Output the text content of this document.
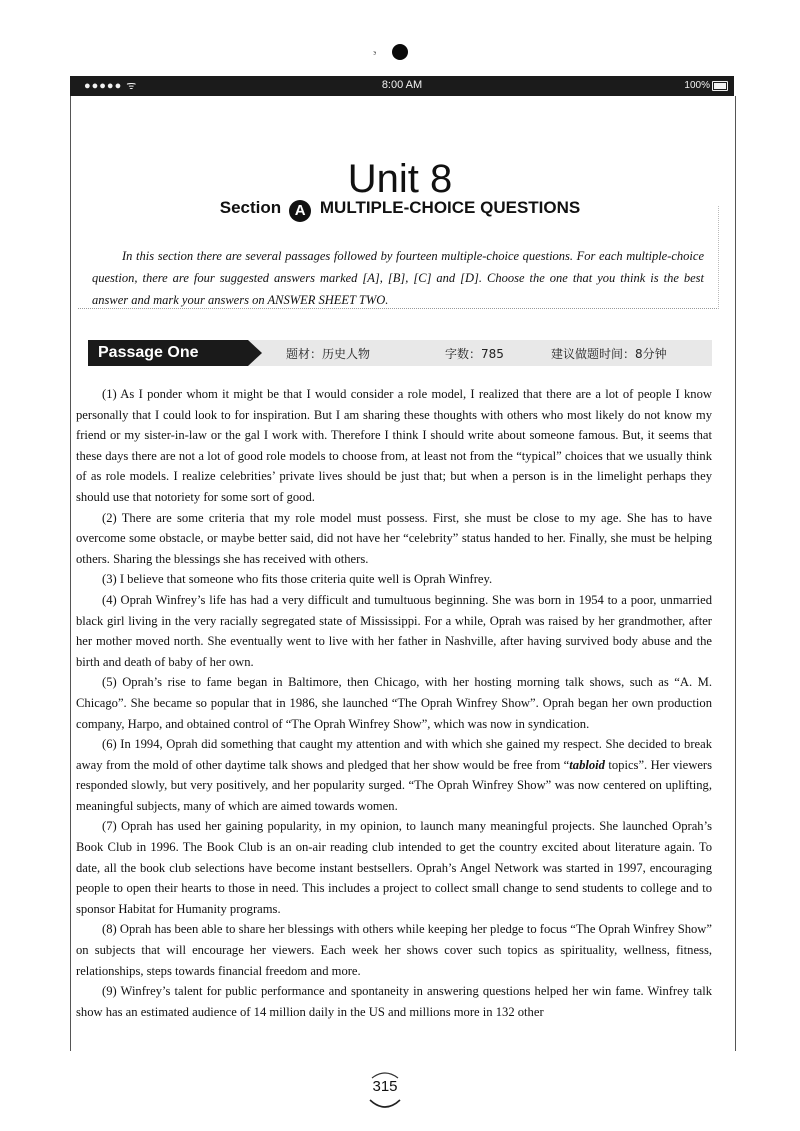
ᵌ
●●●●● ᯤ	8:00 AM	100%
Unit 8
Section A MULTIPLE-CHOICE QUESTIONS

In this section there are several passages followed by fourteen multiple-choice questions. For each multiple-choice question, there are four suggested answers marked [A], [B], [C] and [D]. Choose the one that you think is the best answer and mark your answers on ANSWER SHEET TWO.

Passage One	题材：历史人物	字数：785	建议做题时间：8分钟

(1) As I ponder whom it might be that I would consider a role model, I realized that there are a lot of people I know personally that I could look to for inspiration. But I am sharing these thoughts with others who most likely do not know my friend or my sister-in-law or the gal I work with. Therefore I think I should write about someone famous. But, it seems that these days there are not a lot of good role models to choose from, at least not from the “typical” choices that we usually think of as role models. I realize celebrities’ private lives should be just that; but when a person is in the limelight perhaps they should use that notoriety for some sort of good.

(2) There are some criteria that my role model must possess. First, she must be close to my age. She has to have overcome some obstacle, or maybe better said, did not have her “celebrity” status handed to her. Finally, she must be helping others. Sharing the blessings she has received with others.

(3) I believe that someone who fits those criteria quite well is Oprah Winfrey.

(4) Oprah Winfrey’s life has had a very difficult and tumultuous beginning. She was born in 1954 to a poor, unmarried black girl living in the very racially segregated state of Mississippi. For a while, Oprah was raised by her grandmother, after her mother moved north. She eventually went to live with her father in Nashville, after having survived body abuse and the birth and death of baby of her own.

(5) Oprah’s rise to fame began in Baltimore, then Chicago, with her hosting morning talk shows, such as “A. M. Chicago”. She became so popular that in 1986, she launched “The Oprah Winfrey Show”. Oprah began her own production company, Harpo, and obtained control of “The Oprah Winfrey Show”, which was now in syndication.

(6) In 1994, Oprah did something that caught my attention and with which she gained my respect. She decided to break away from the mold of other daytime talk shows and pledged that her show would be free from “tabloid topics”. Her viewers responded slowly, but very positively, and her popularity surged. “The Oprah Winfrey Show” was now centered on uplifting, meaningful subjects, many of which are aimed towards women.

(7) Oprah has used her gaining popularity, in my opinion, to launch many meaningful projects. She launched Oprah’s Book Club in 1996. The Book Club is an on-air reading club intended to get the country excited about literature again. To date, all the book club selections have become instant bestsellers. Oprah’s Angel Network was started in 1997, encouraging people to open their hearts to those in need. This includes a project to collect small change to send students to college and to sponsor Habitat for Humanity programs.

(8) Oprah has been able to share her blessings with others while keeping her pledge to focus “The Oprah Winfrey Show” on subjects that will encourage her viewers. Each week her shows cover such topics as spirituality, wellness, fitness, relationships, steps towards financial freedom and more.

(9) Winfrey’s talent for public performance and spontaneity in answering questions helped her win fame. Winfrey talk show has an estimated audience of 14 million daily in the US and millions more in 132 other

315
